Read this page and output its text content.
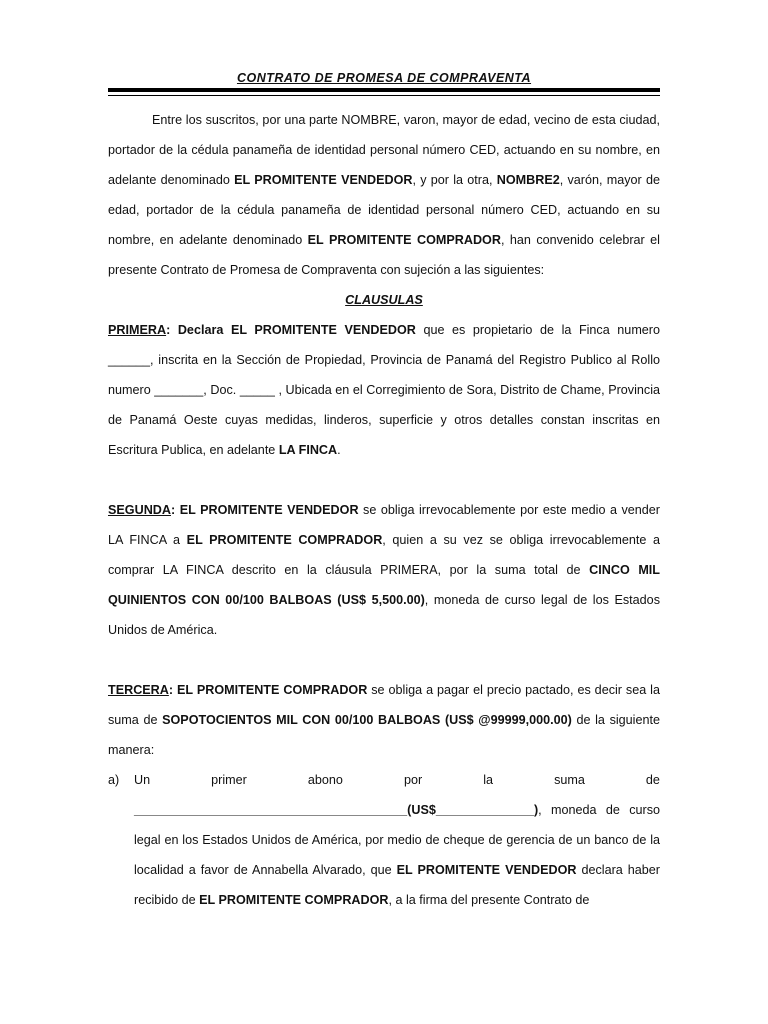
CONTRATO DE PROMESA DE COMPRAVENTA

Entre los suscritos, por una parte NOMBRE, varon, mayor de edad, vecino de esta ciudad, portador de la cédula panameña de identidad personal número CED, actuando en su nombre, en adelante denominado EL PROMITENTE VENDEDOR, y por la otra, NOMBRE2, varón, mayor de edad, portador de la cédula panameña de identidad personal número CED, actuando en su nombre, en adelante denominado EL PROMITENTE COMPRADOR, han convenido celebrar el presente Contrato de Promesa de Compraventa con sujeción a las siguientes:

CLAUSULAS

PRIMERA: Declara EL PROMITENTE VENDEDOR que es propietario de la Finca numero ______, inscrita en la Sección de Propiedad, Provincia de Panamá del Registro Publico al Rollo numero _______, Doc. _____ , Ubicada en el Corregimiento de Sora, Distrito de Chame, Provincia de Panamá Oeste cuyas medidas, linderos, superficie y otros detalles constan inscritas en Escritura Publica, en adelante LA FINCA.

SEGUNDA: EL PROMITENTE VENDEDOR se obliga irrevocablemente por este medio a vender LA FINCA a EL PROMITENTE COMPRADOR, quien a su vez se obliga irrevocablemente a comprar LA FINCA descrito en la cláusula PRIMERA, por la suma total de CINCO MIL QUINIENTOS CON 00/100 BALBOAS (US$ 5,500.00), moneda de curso legal de los Estados Unidos de América.

TERCERA: EL PROMITENTE COMPRADOR se obliga a pagar el precio pactado, es decir sea la suma de SOPOTOCIENTOS MIL CON 00/100 BALBOAS (US$ @99999,000.00) de la siguiente manera:

a)	Un	primer	abono	por	la	suma	de

_______________________________________(US$______________), moneda de curso legal en los Estados Unidos de América, por medio de cheque de gerencia de un banco de la localidad a favor de Annabella Alvarado, que EL PROMITENTE VENDEDOR declara haber recibido de EL PROMITENTE COMPRADOR, a la firma del presente Contrato de
